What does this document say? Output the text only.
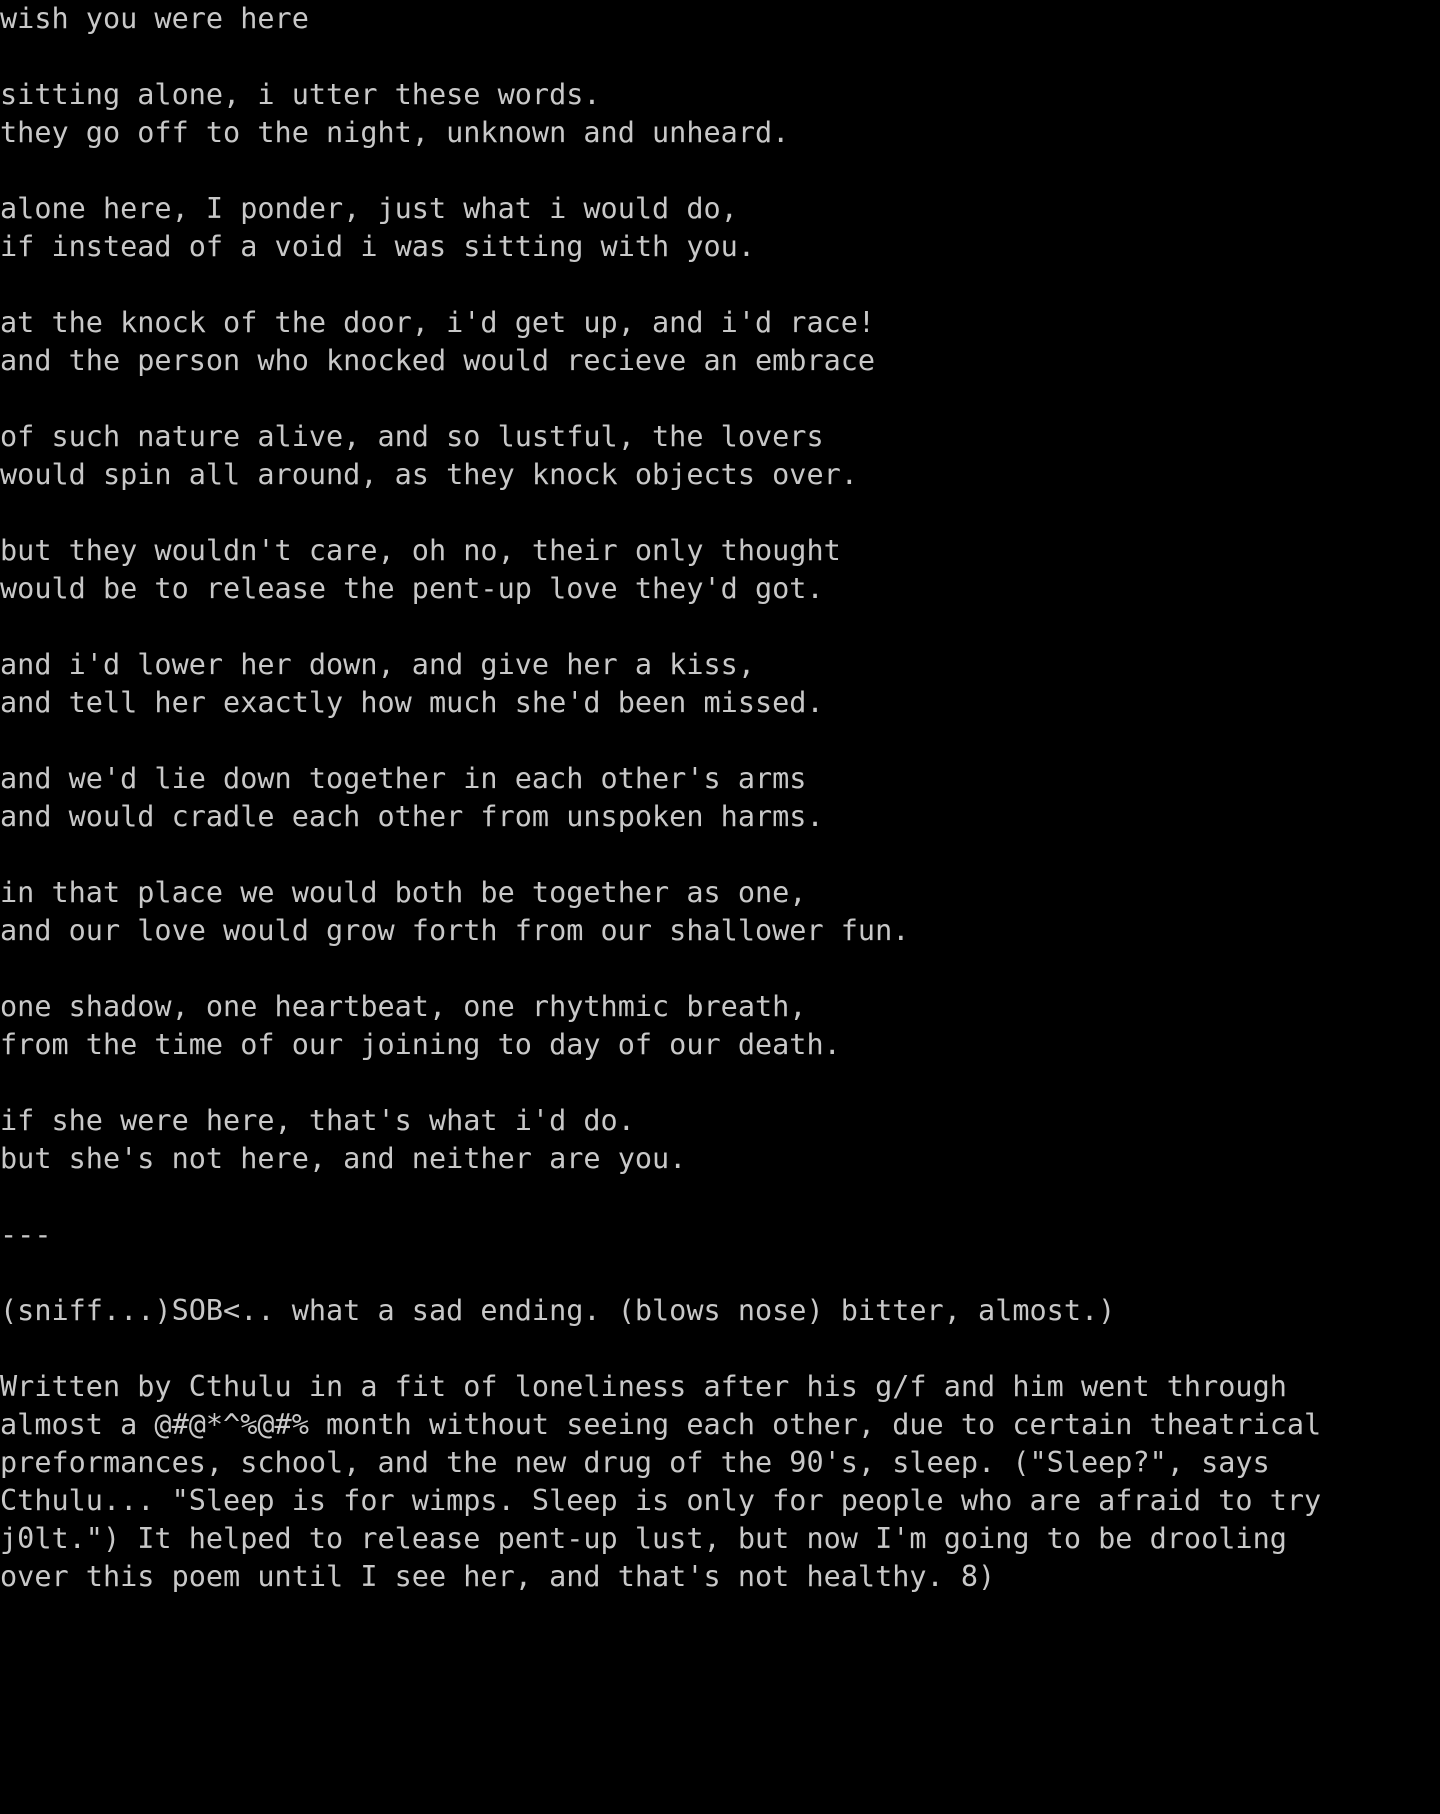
wish you were here
sitting alone, i utter these words.
they go off to the night, unknown and unheard.
alone here, I ponder, just what i would do,
if instead of a void i was sitting with you.
at the knock of the door, i'd get up, and i'd race!
and the person who knocked would recieve an embrace
of such nature alive, and so lustful, the lovers
would spin all around, as they knock objects over.
but they wouldn't care, oh no, their only thought
would be to release the pent-up love they'd got.
and i'd lower her down, and give her a kiss,
and tell her exactly how much she'd been missed.
and we'd lie down together in each other's arms
and would cradle each other from unspoken harms.
in that place we would both be together as one,
and our love would grow forth from our shallower fun.
one shadow, one heartbeat, one rhythmic breath,
from the time of our joining to day of our death.
if she were here, that's what i'd do.
but she's not here, and neither are you.
---
(sniff...)SOB<.. what a sad ending. (blows nose) bitter, almost.)
Written by Cthulu in a fit of loneliness after his g/f and him went through
almost a @#@*^%@#% month without seeing each other, due to certain theatrical
preformances, school, and the new drug of the 90's, sleep. ("Sleep?", says
Cthulu... "Sleep is for wimps. Sleep is only for people who are afraid to try
j0lt.") It helped to release pent-up lust, but now I'm going to be drooling
over this poem until I see her, and that's not healthy. 8)
